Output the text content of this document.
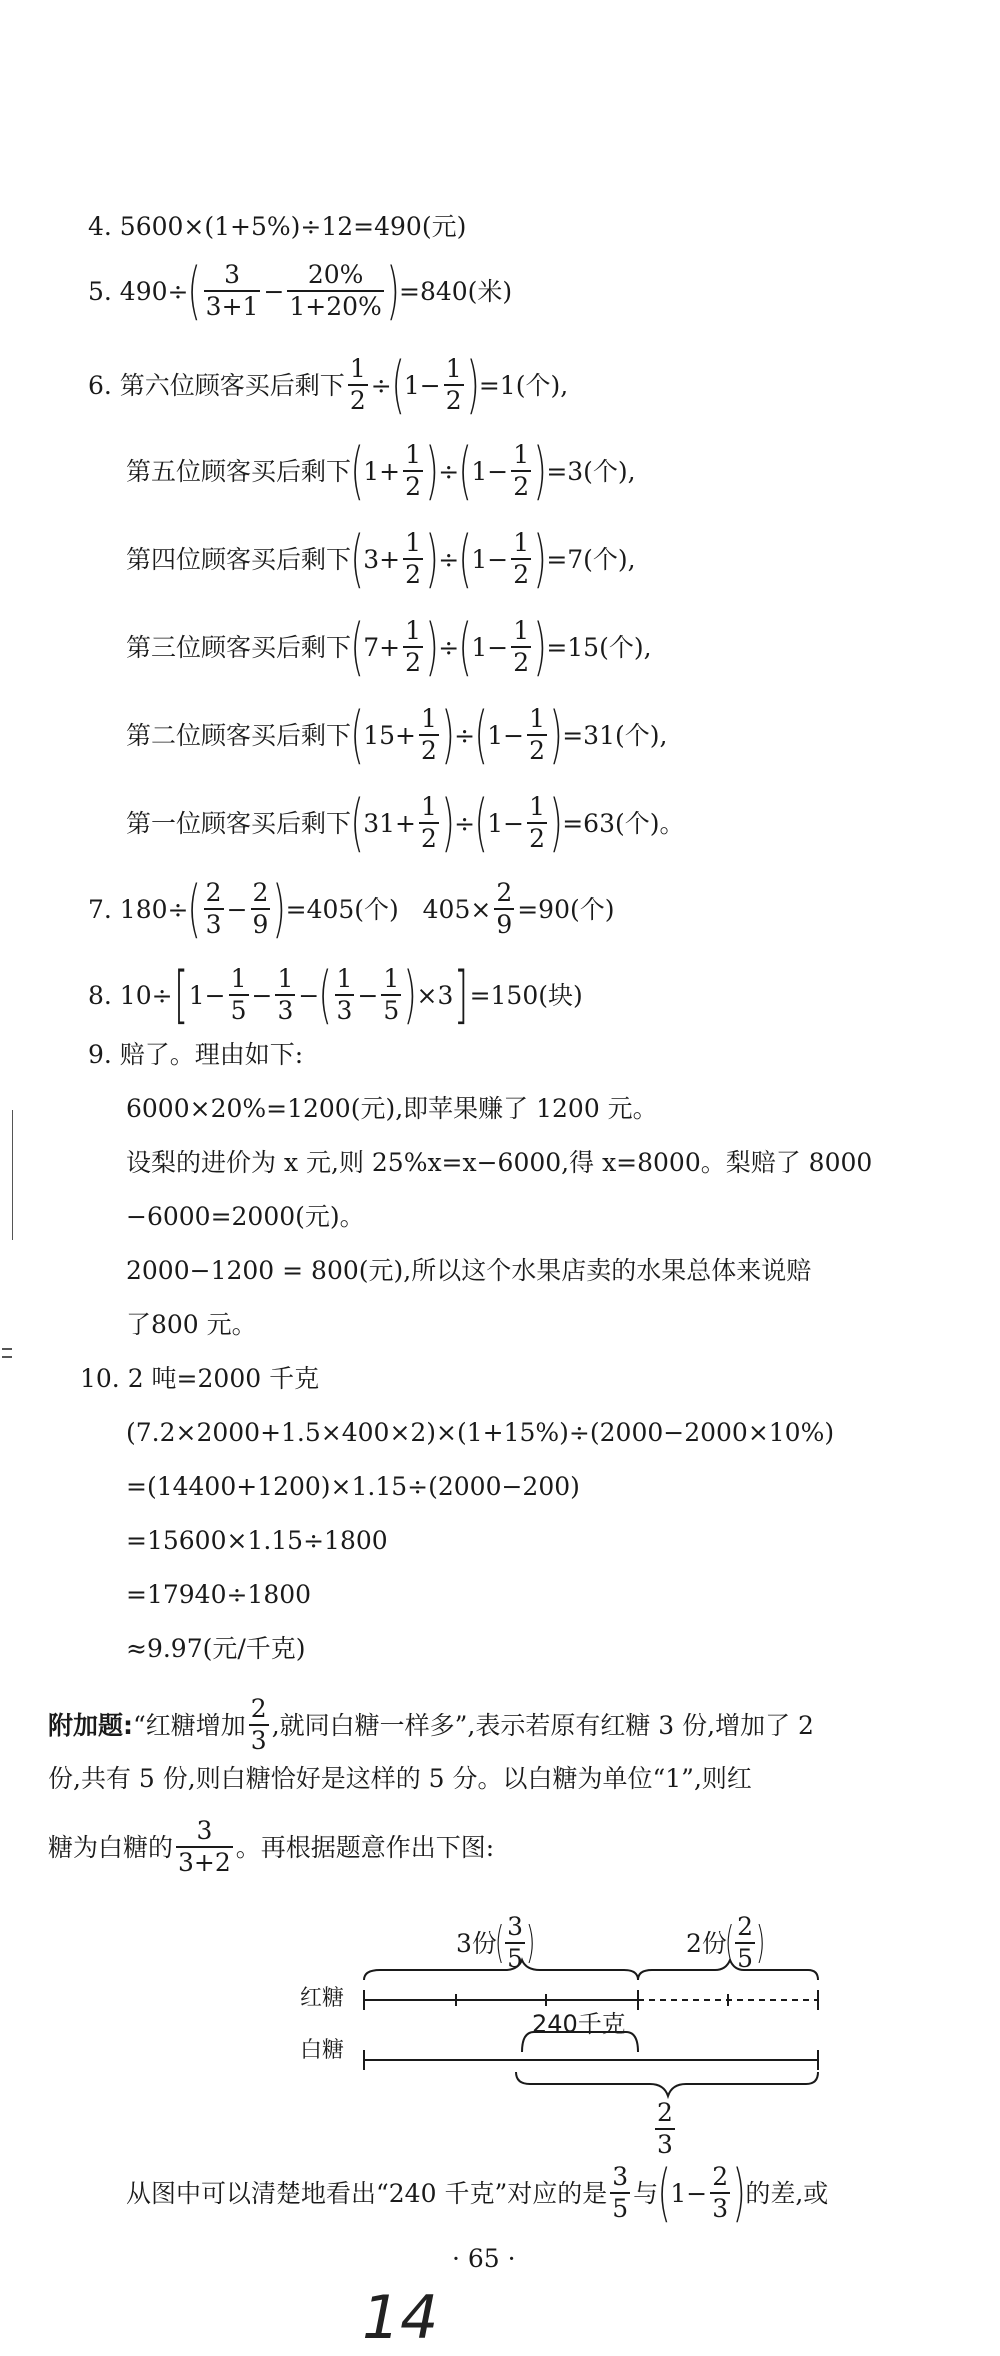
4. 5600×(1+5%)÷12=490(元)
5. 490÷ ( $\frac{3}{3+1} - \frac{20\%}{1+20\%}$ ) =840(米)
6. 第六位顾客买后剩下 $\frac{1}{2}$ ÷ ( $1- \frac{1}{2}$ ) =1(个),
第五位顾客买后剩下 ( $1+ \frac{1}{2}$ ) ÷ ( $1- \frac{1}{2}$ ) =3(个),
第四位顾客买后剩下 ( $3+ \frac{1}{2}$ ) ÷ ( $1- \frac{1}{2}$ ) =7(个),
第三位顾客买后剩下 ( $7+ \frac{1}{2}$ ) ÷ ( $1- \frac{1}{2}$ ) =15(个),
第二位顾客买后剩下 ( $15+ \frac{1}{2}$ ) ÷ ( $1- \frac{1}{2}$ ) =31(个),
第一位顾客买后剩下 ( $31+ \frac{1}{2}$ ) ÷ ( $1- \frac{1}{2}$ ) =63(个)。
7. 180÷ ( $\frac{2}{3} - \frac{2}{9}$ ) =405(个)   $405\times \frac{2}{9} =90$(个)
8. 10÷ [ $1- \frac{1}{5} - \frac{1}{3}$ − ( $\frac{1}{3} - \frac{1}{5}$ ) ×3 ] =150(块)
9. 赔了。理由如下:
6000×20%=1200(元),即苹果赚了 1200 元。
设梨的进价为 x 元,则 25%x=x−6000,得 x=8000。梨赔了 8000
−6000=2000(元)。
2000−1200 = 800(元),所以这个水果店卖的水果总体来说赔
了800 元。
10. 2 吨=2000 千克
(7.2×2000+1.5×400×2)×(1+15%)÷(2000−2000×10%)
=(14400+1200)×1.15÷(2000−200)
=15600×1.15÷1800
=17940÷1800
≈9.97(元/千克)
附加题: “红糖增加 $\frac{2}{3}$ ,就同白糖一样多”,表示若原有红糖 3 份,增加了 2
份,共有 5 份,则白糖恰好是这样的 5 分。以白糖为单位“1”,则红
糖为白糖的 $\frac{3}{3+2}$ 。再根据题意作出下图:
3份
( $\frac{3}{5}$ )	2份
( $\frac{2}{5}$ )
红糖
白糖
240千克
$\frac{2}{3}$
从图中可以清楚地看出“240 千克”对应的是 $\frac{3}{5}$ 与 ( $1- \frac{2}{3}$ ) 的差,或
· 65 ·
14
